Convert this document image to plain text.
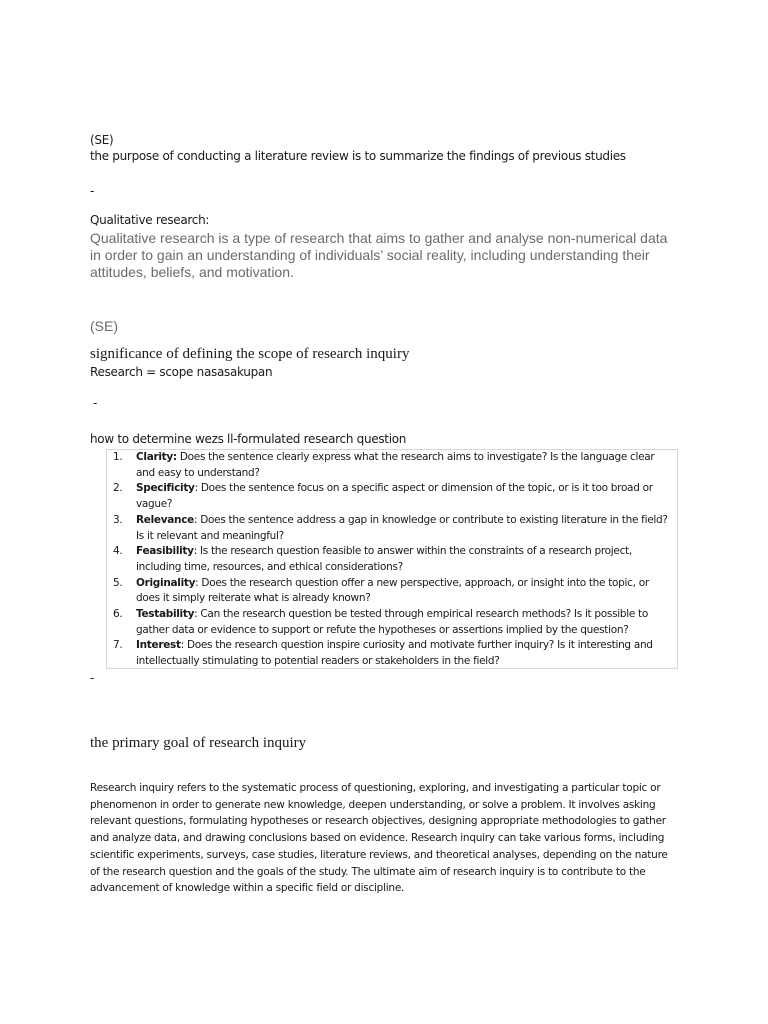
(SE)

the purpose of conducting a literature review is to summarize the findings of previous studies

-

Qualitative research:

Qualitative research is a type of research that aims to gather and analyse non-numerical data in order to gain an understanding of individuals’ social reality, including understanding their attitudes, beliefs, and motivation.

(SE)

significance of defining the scope of research inquiry

Research = scope nasasakupan

-

how to determine wezs ll-formulated research question

1. Clarity: Does the sentence clearly express what the research aims to investigate? Is the language clear and easy to understand?
2. Specificity: Does the sentence focus on a specific aspect or dimension of the topic, or is it too broad or vague?
3. Relevance: Does the sentence address a gap in knowledge or contribute to existing literature in the field? Is it relevant and meaningful?
4. Feasibility: Is the research question feasible to answer within the constraints of a research project, including time, resources, and ethical considerations?
5. Originality: Does the research question offer a new perspective, approach, or insight into the topic, or does it simply reiterate what is already known?
6. Testability: Can the research question be tested through empirical research methods? Is it possible to gather data or evidence to support or refute the hypotheses or assertions implied by the question?
7. Interest: Does the research question inspire curiosity and motivate further inquiry? Is it interesting and intellectually stimulating to potential readers or stakeholders in the field?

-

the primary goal of research inquiry

Research inquiry refers to the systematic process of questioning, exploring, and investigating a particular topic or phenomenon in order to generate new knowledge, deepen understanding, or solve a problem. It involves asking relevant questions, formulating hypotheses or research objectives, designing appropriate methodologies to gather and analyze data, and drawing conclusions based on evidence. Research inquiry can take various forms, including scientific experiments, surveys, case studies, literature reviews, and theoretical analyses, depending on the nature of the research question and the goals of the study. The ultimate aim of research inquiry is to contribute to the advancement of knowledge within a specific field or discipline.
